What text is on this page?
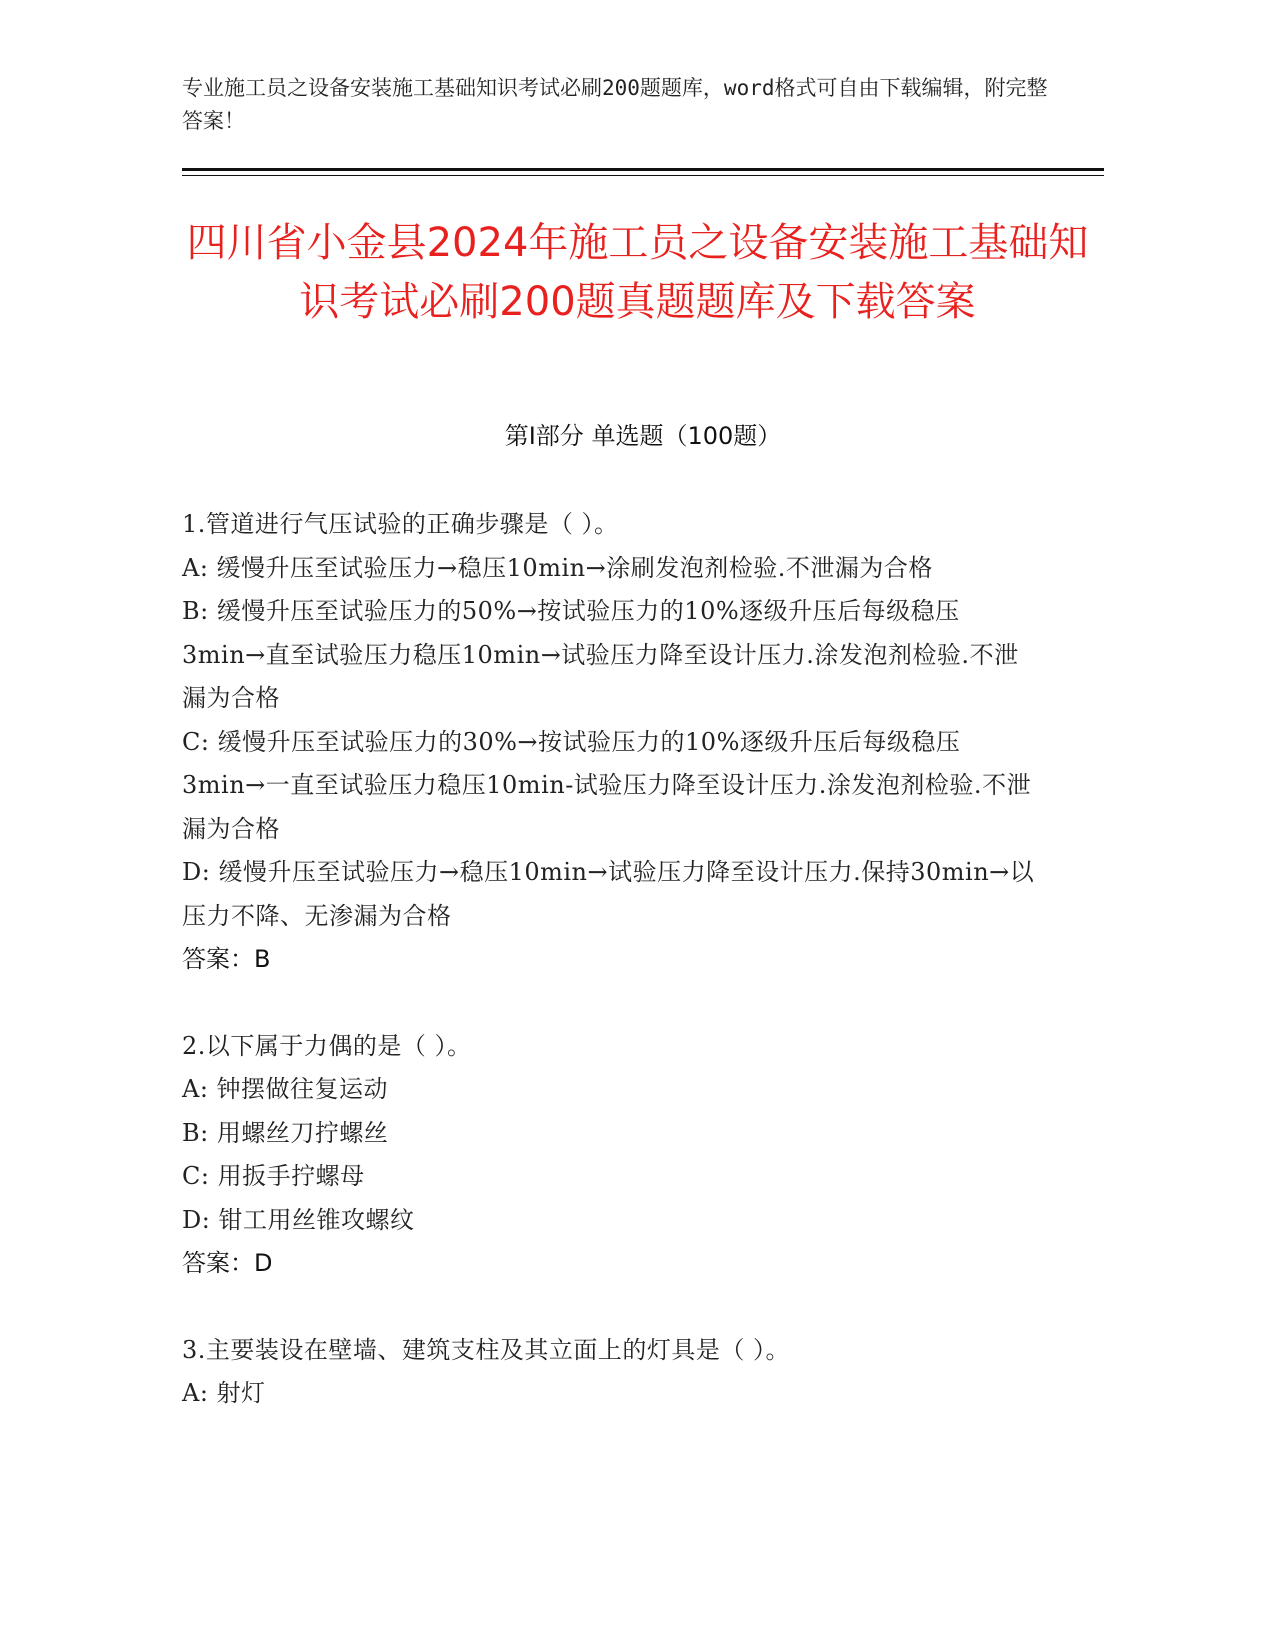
专业施工员之设备安装施工基础知识考试必刷200题题库，word格式可自由下载编辑，附完整答案！

四川省小金县2024年施工员之设备安装施工基础知识考试必刷200题真题题库及下载答案
第Ⅰ部分 单选题（100题）

1.管道进行气压试验的正确步骤是（ ）。

A: 缓慢升压至试验压力→稳压10min→涂刷发泡剂检验.不泄漏为合格

B: 缓慢升压至试验压力的50%→按试验压力的10%逐级升压后每级稳压3min→直至试验压力稳压10min→试验压力降至设计压力.涂发泡剂检验.不泄漏为合格

C: 缓慢升压至试验压力的30%→按试验压力的10%逐级升压后每级稳压3min→一直至试验压力稳压10min-试验压力降至设计压力.涂发泡剂检验.不泄漏为合格

D: 缓慢升压至试验压力→稳压10min→试验压力降至设计压力.保持30min→以压力不降、无渗漏为合格

答案：B

2.以下属于力偶的是（ ）。

A: 钟摆做往复运动

B: 用螺丝刀拧螺丝

C: 用扳手拧螺母

D: 钳工用丝锥攻螺纹

答案：D

3.主要装设在壁墙、建筑支柱及其立面上的灯具是（ ）。

A: 射灯
